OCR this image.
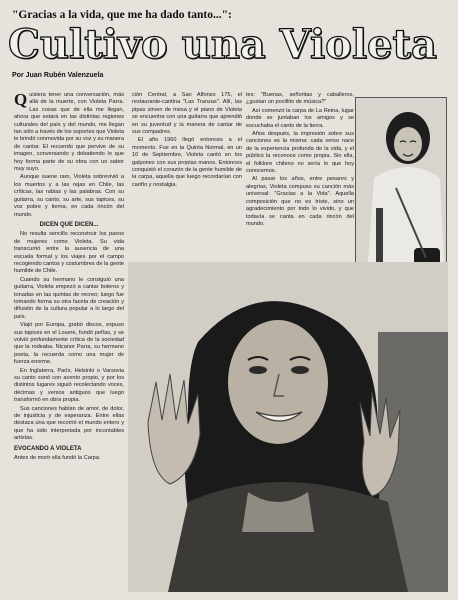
"Gracias a la vida, que me ha dado tanto...":
Cultivo una Violeta
Por Juan Rubén Valenzuela

Quisiera tener una conversación, más allá de la muerte, con Violeta Parra. Las cosas que de ella me llegan, ahora que estará en las distintas regiones culturales del país y del mundo, me llegan tan sólo a través de los soportes que Violeta le brindó conmovida por su voz y su manera de cantar. El recuerdo que pervive de su imagen, conversando y debatiendo lo que hoy forma parte de su obra con un sabor muy suyo.

Aunque suene raro, Violeta sobrevivió a los muertos y a las rejas en Chile, las críticas, las rabias y las palabras. Con su guitarra, su canto, su arte, sus tapices, su voz pobre y tierna, en cada rincón del mundo.

DICEN QUE DICEN...

No resulta sencillo reconstruir los pasos de mujeres como Violeta. Su vida transcurrió entre la ausencia de una escuela formal y los viajes por el campo recogiendo cantos y costumbres de la gente humilde de Chile.

Cuando su hermano le consiguió una guitarra, Violeta empezó a cantar boleros y tonadas en las quintas de recreo; luego fue tomando forma su otra faceta de creación y difusión de la cultura popular a lo largo del país.

Viajó por Europa, grabó discos, expuso sus tapices en el Louvre, fundó peñas, y se volvió profundamente crítica de la sociedad que la rodeaba. Nicanor Parra, su hermano poeta, la recuerda como una mujer de fuerza enorme.

En Inglaterra, París, Helsinki o Varsovia su canto sonó con acento propio, y por los distintos lugares siguió recolectando voces, décimas y versos antiguos que luego transformó en obra propia.

Sus canciones hablan de amor, de dolor, de injusticia y de esperanza. Entre ellas destaca una que recorrió el mundo entero y que ha sido interpretada por incontables artistas.

EVOCANDO A VIOLETA

Antes de morir ella fundó la Carpa.

ción Central, a San Alfonso 175, el restaurante-cantina "Las Tranzas". Allí, las pipas sirven de mesa y el piano de Violeta se encuentra con una guitarra que aprendió en su juventud y la manera de cantar de sus compadres.

El año 1960 llegó entonces a el momento. Fue en la Quinta Normal, en un 10 de Septiembre, Violeta cantó en los galpones con sus propias manos. Entonces conquistó el corazón de la gente humilde de la carpa, aquella que luego recordarían con cariño y nostalgia.

tes: "Buenas, señoritas y caballeros, ¿gustan un pocillito de música?"

Así comenzó la carpa de La Reina, lugar donde se juntaban los amigos y se escuchaba el canto de la tierra.

Años después, la impresión sobre sus canciones es la misma: cada verso nace de la experiencia profunda de la vida, y el público la reconoce como propia. Sin ella, el folklore chileno no sería lo que hoy conocemos.

Al pasar los años, entre pesares y alegrías, Violeta compuso su canción más universal: "Gracias a la Vida". Aquella composición que no es triste, sino un agradecimiento por todo lo vivido, y que todavía se canta en cada rincón del mundo.
